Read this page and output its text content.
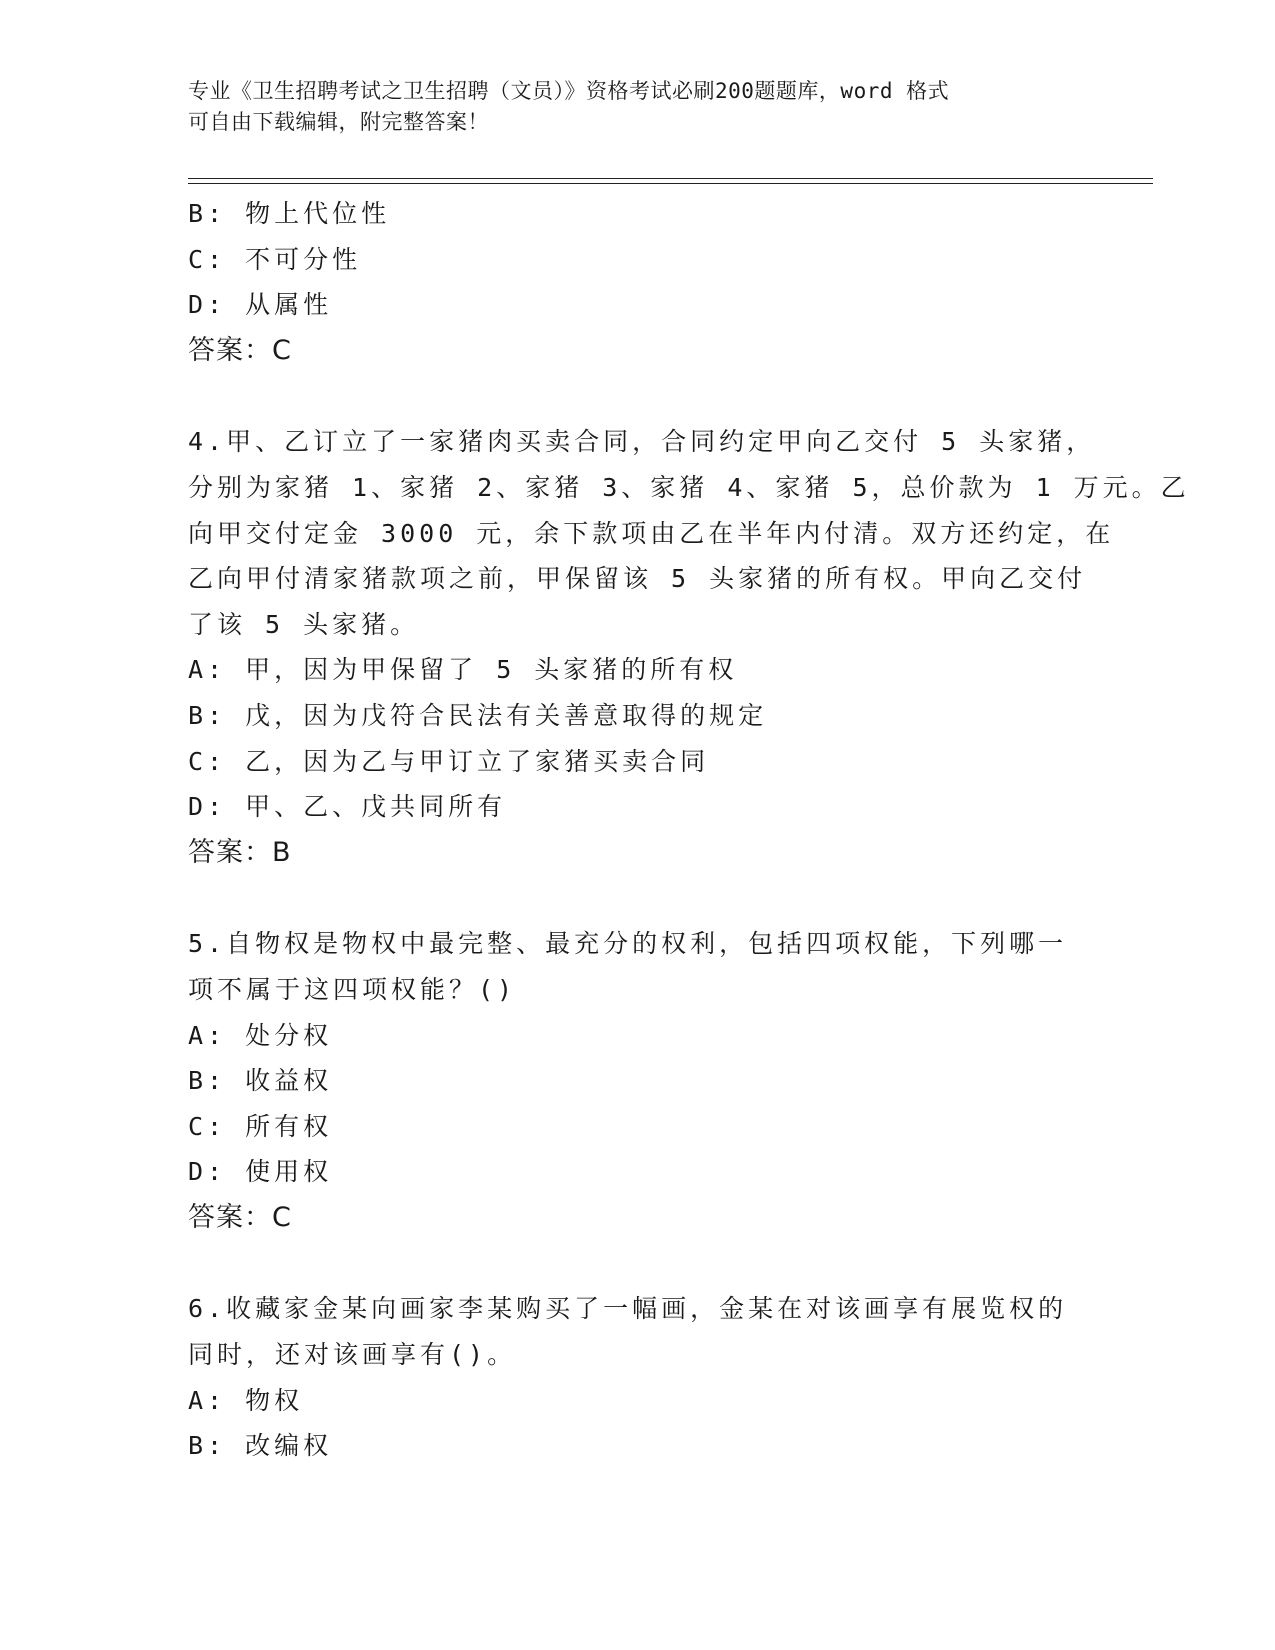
专业《卫生招聘考试之卫生招聘（文员）》资格考试必刷200题题库，word 格式
可自由下载编辑，附完整答案！
B: 物上代位性
C: 不可分性
D: 从属性
答案：C
4.甲、乙订立了一家猪肉买卖合同，合同约定甲向乙交付 5 头家猪，
分别为家猪 1、家猪 2、家猪 3、家猪 4、家猪 5，总价款为 1 万元。乙
向甲交付定金 3000 元，余下款项由乙在半年内付清。双方还约定，在
乙向甲付清家猪款项之前，甲保留该 5 头家猪的所有权。甲向乙交付
了该 5 头家猪。
A: 甲，因为甲保留了 5 头家猪的所有权
B: 戊，因为戊符合民法有关善意取得的规定
C: 乙，因为乙与甲订立了家猪买卖合同
D: 甲、乙、戊共同所有
答案：B
5.自物权是物权中最完整、最充分的权利，包括四项权能，下列哪一
项不属于这四项权能？()
A: 处分权
B: 收益权
C: 所有权
D: 使用权
答案：C
6.收藏家金某向画家李某购买了一幅画，金某在对该画享有展览权的
同时，还对该画享有()。
A: 物权
B: 改编权
